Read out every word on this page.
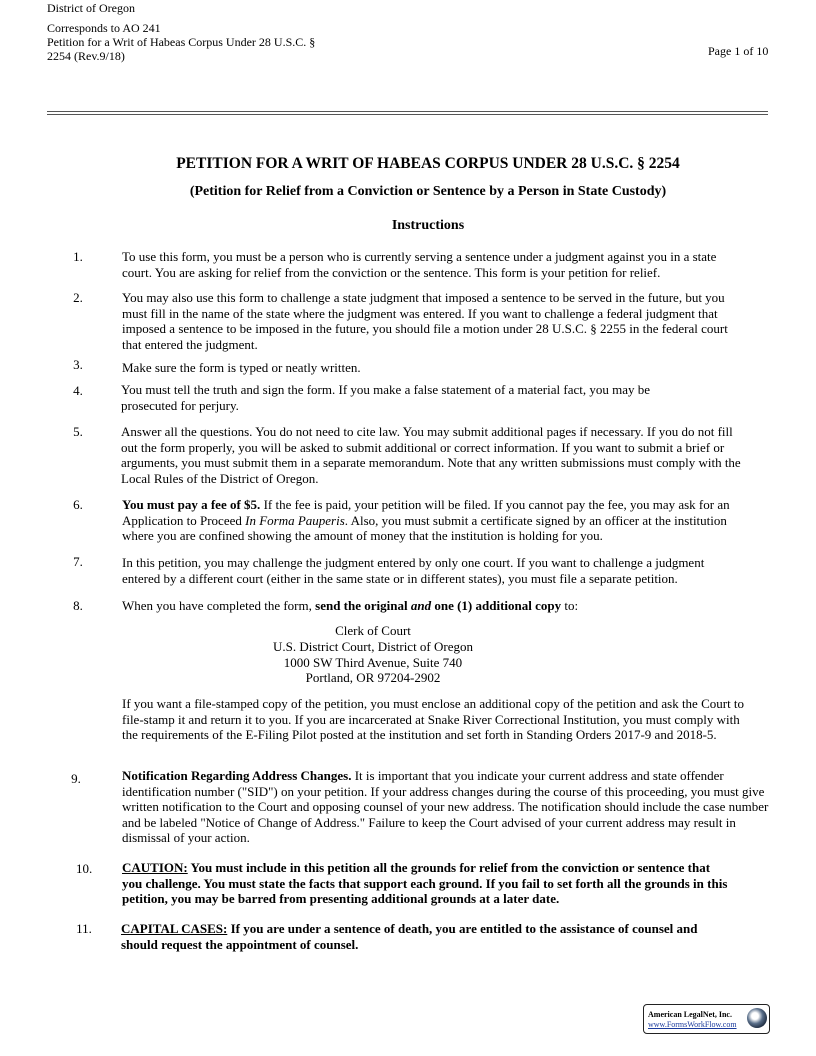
District of Oregon
Corresponds to AO 241
Petition for a Writ of Habeas Corpus Under 28 U.S.C. §
2254 (Rev.9/18)	Page 1 of 10
PETITION FOR A WRIT OF HABEAS CORPUS UNDER 28 U.S.C. § 2254
(Petition for Relief from a Conviction or Sentence by a Person in State Custody)
Instructions
1.	To use this form, you must be a person who is currently serving a sentence under a judgment against you in a state court. You are asking for relief from the conviction or the sentence. This form is your petition for relief.
2.	You may also use this form to challenge a state judgment that imposed a sentence to be served in the future, but you must fill in the name of the state where the judgment was entered. If you want to challenge a federal judgment that imposed a sentence to be imposed in the future, you should file a motion under 28 U.S.C. § 2255 in the federal court that entered the judgment.
3.	Make sure the form is typed or neatly written.
4.	You must tell the truth and sign the form. If you make a false statement of a material fact, you may be prosecuted for perjury.
5.	Answer all the questions. You do not need to cite law. You may submit additional pages if necessary. If you do not fill out the form properly, you will be asked to submit additional or correct information. If you want to submit a brief or arguments, you must submit them in a separate memorandum. Note that any written submissions must comply with the Local Rules of the District of Oregon.
6.	You must pay a fee of $5. If the fee is paid, your petition will be filed. If you cannot pay the fee, you may ask for an Application to Proceed In Forma Pauperis. Also, you must submit a certificate signed by an officer at the institution where you are confined showing the amount of money that the institution is holding for you.
7.	In this petition, you may challenge the judgment entered by only one court. If you want to challenge a judgment entered by a different court (either in the same state or in different states), you must file a separate petition.
8.	When you have completed the form, send the original and one (1) additional copy to:
Clerk of Court
U.S. District Court, District of Oregon
1000 SW Third Avenue, Suite 740
Portland, OR 97204-2902
If you want a file-stamped copy of the petition, you must enclose an additional copy of the petition and ask the Court to file-stamp it and return it to you. If you are incarcerated at Snake River Correctional Institution, you must comply with the requirements of the E-Filing Pilot posted at the institution and set forth in Standing Orders 2017-9 and 2018-5.
9.	Notification Regarding Address Changes. It is important that you indicate your current address and state offender identification number ("SID") on your petition. If your address changes during the course of this proceeding, you must give written notification to the Court and opposing counsel of your new address. The notification should include the case number and be labeled "Notice of Change of Address." Failure to keep the Court advised of your current address may result in dismissal of your action.
10. CAUTION: You must include in this petition all the grounds for relief from the conviction or sentence that you challenge. You must state the facts that support each ground. If you fail to set forth all the grounds in this petition, you may be barred from presenting additional grounds at a later date.
11. CAPITAL CASES: If you are under a sentence of death, you are entitled to the assistance of counsel and should request the appointment of counsel.
American LegalNet, Inc.
www.FormsWorkFlow.com
